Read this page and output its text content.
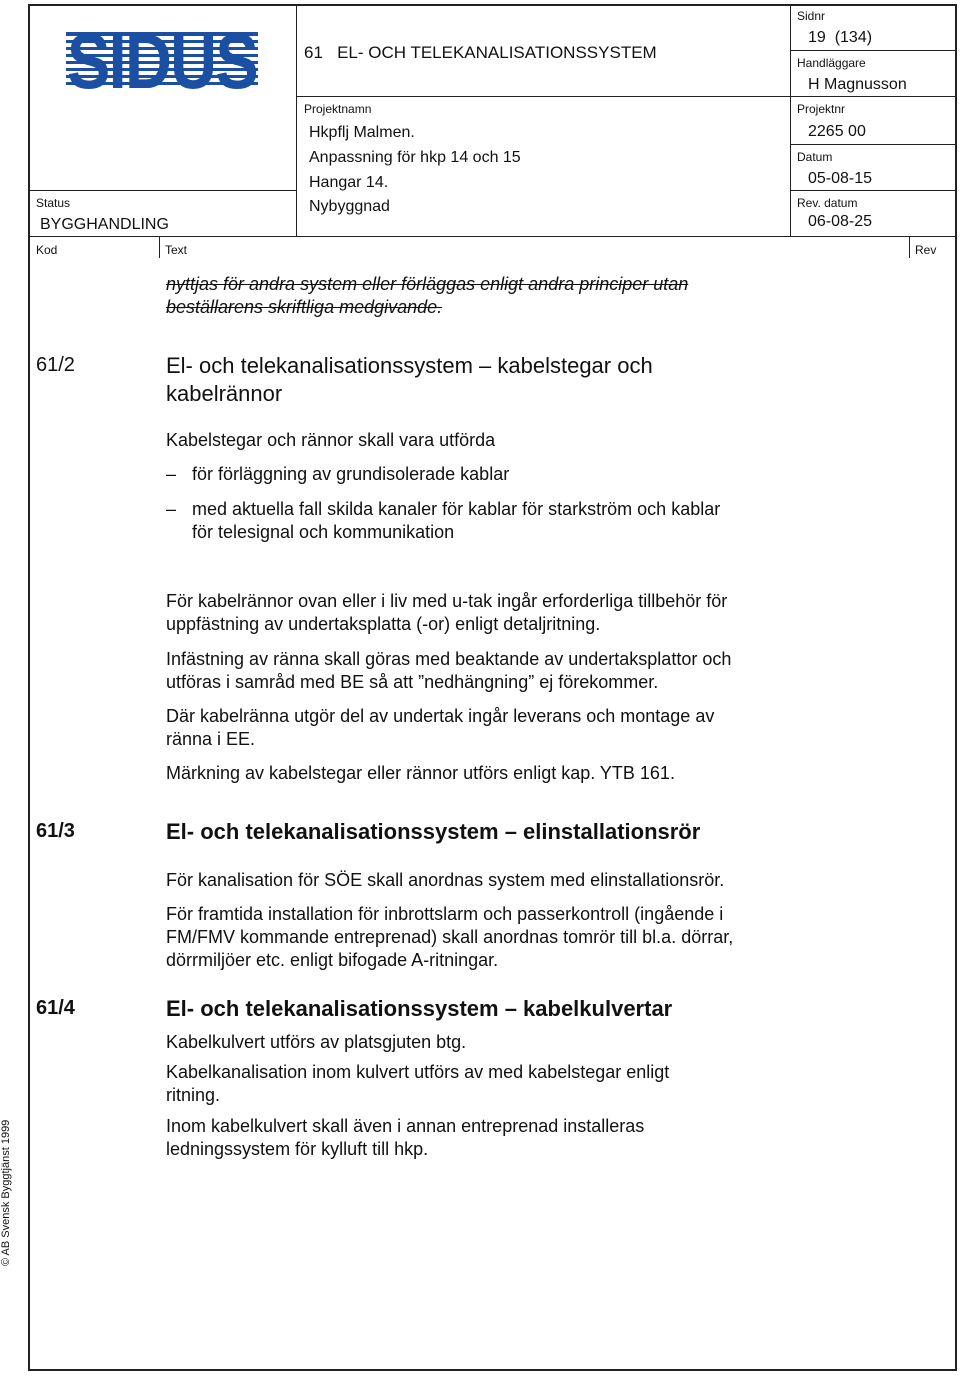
SIDUS	61   EL- OCH TELEKANALISATIONSSYSTEM
Sidnr
19  (134)
Handläggare
H Magnusson
Projektnamn
Hkpflj Malmen.
Anpassning för hkp 14 och 15
Hangar 14.
Nybyggnad
Projektnr
2265 00
Datum
05-08-15
Status
BYGGHANDLING
Rev. datum
06-08-25
Kod	Text	Rev
nyttjas för andra system eller förläggas enligt andra principer utan
beställarens skriftliga medgivande.
61/2	El- och telekanalisationssystem – kabelstegar och
kabelrännor
Kabelstegar och rännor skall vara utförda
– för förläggning av grundisolerade kablar
– med aktuella fall skilda kanaler för kablar för starkström och kablar
för telesignal och kommunikation
För kabelrännor ovan eller i liv med u-tak ingår erforderliga tillbehör för
uppfästning av undertaksplatta (-or) enligt detaljritning.
Infästning av ränna skall göras med beaktande av undertaksplattor och
utföras i samråd med BE så att ”nedhängning” ej förekommer.
Där kabelränna utgör del av undertak ingår leverans och montage av
ränna i EE.
Märkning av kabelstegar eller rännor utförs enligt kap. YTB 161.
61/3	El- och telekanalisationssystem – elinstallationsrör
För kanalisation för SÖE skall anordnas system med elinstallationsrör.
För framtida installation för inbrottslarm och passerkontroll (ingående i
FM/FMV kommande entreprenad) skall anordnas tomrör till bl.a. dörrar,
dörrmiljöer etc. enligt bifogade A-ritningar.
61/4	El- och telekanalisationssystem – kabelkulvertar
Kabelkulvert utförs av platsgjuten btg.
Kabelkanalisation inom kulvert utförs av med kabelstegar enligt
ritning.
Inom kabelkulvert skall även i annan entreprenad installeras
ledningssystem för kylluft till hkp.
© AB Svensk Byggtjänst 1999
